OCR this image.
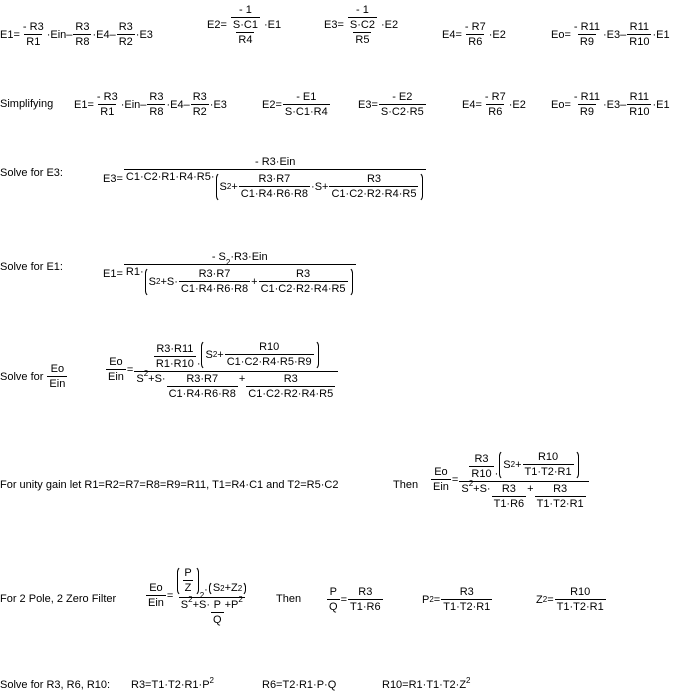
$E1 = \frac{- R3}{R1}$ · Ein – $\frac{R3}{R8} \cdot E4 - \frac{R3}{R2} \cdot E3$
$E2 = \frac{\frac{- 1}{S\cdot C1}}{R4} \cdot E1$	$E3 = \frac{\frac{- 1}{S\cdot C2}}{R5} \cdot E2$
$E4 = \frac{- R7}{R6} \cdot E2$	$Eo = \frac{- R11}{R9} \cdot E3 - \frac{R11}{R10} \cdot E1$
Simplifying $E1 = \frac{- R3}{R1}$ · Ein – $\frac{R3}{R8} \cdot E4 - \frac{R3}{R2} \cdot E3$	$E2 = \frac{- E1}{S\cdot C1\cdot R4}$	$E3 = \frac{- E2}{S\cdot C2\cdot R5}$	$E4 = \frac{- R7}{R6} \cdot E2$ $Eo = \frac{- R11}{R9} \cdot E3 - \frac{R11}{R10} \cdot E1$
Solve for E3:	E3 =
- R3·Ein
C1·C2·R1·R4·R5 ·
S $2 + \frac{R3\cdot R7}{C1\cdot R4\cdot R6\cdot R8} \cdot S + \frac{R3}{C1\cdot C2\cdot R2\cdot R4\cdot R5}$
Solve for E1:
E1 =
- S 2 ·R3·Ein
R1 ·
S $2 + S \cdot \frac{R3\cdot R7}{C1\cdot R4\cdot R6\cdot R8} + \frac{R3}{C1\cdot C2\cdot R2\cdot R4\cdot R5}$
Solve for $\frac{Eo}{\text{Ein}}$	$\frac{Eo}{\text{Ein}} = \frac{R3\cdot R11}{R1\cdot R10}$ ·
S $2 + \frac{R10}{C1\cdot C2\cdot R4\cdot R5\cdot R9}$
S $2 + S \cdot \frac{R3\cdot R7}{C1\cdot R4\cdot R6\cdot R8} + \frac{R3}{C1\cdot C2\cdot R2\cdot R4\cdot R5}$
For unity gain let R1=R2=R7=R8=R9=R11, T1=R4·C1 and T2=R5·C2	Then $\frac{Eo}{\text{Ein}} = \frac{R3}{R10}$ ·
S $2 + \frac{R10}{T1\cdot T2\cdot R1}$
S $2 + S \cdot \frac{R3}{T1\cdot R6} + \frac{R3}{T1\cdot T2\cdot R1}$
For 2 Pole, 2 Zero Filter	$\frac{Eo}{\text{Ein}} = \frac{P}{Z}$
2 · S 2 + Z 2
S $2 + S \cdot \frac{P}{Q} + P$ 2 Then $\frac{P}{Q} = \frac{R3}{T1\cdot R6}$	P $2 = \frac{R3}{T1\cdot T2\cdot R1}$	Z $2 = \frac{R10}{T1\cdot T2\cdot R1}$
Solve for R3, R6, R10: $R3=T1\cdot T2\cdot R1\cdot P^2$	R6=T2·R1·P·Q	$R10=R1\cdot T1\cdot T2\cdot Z^2$
